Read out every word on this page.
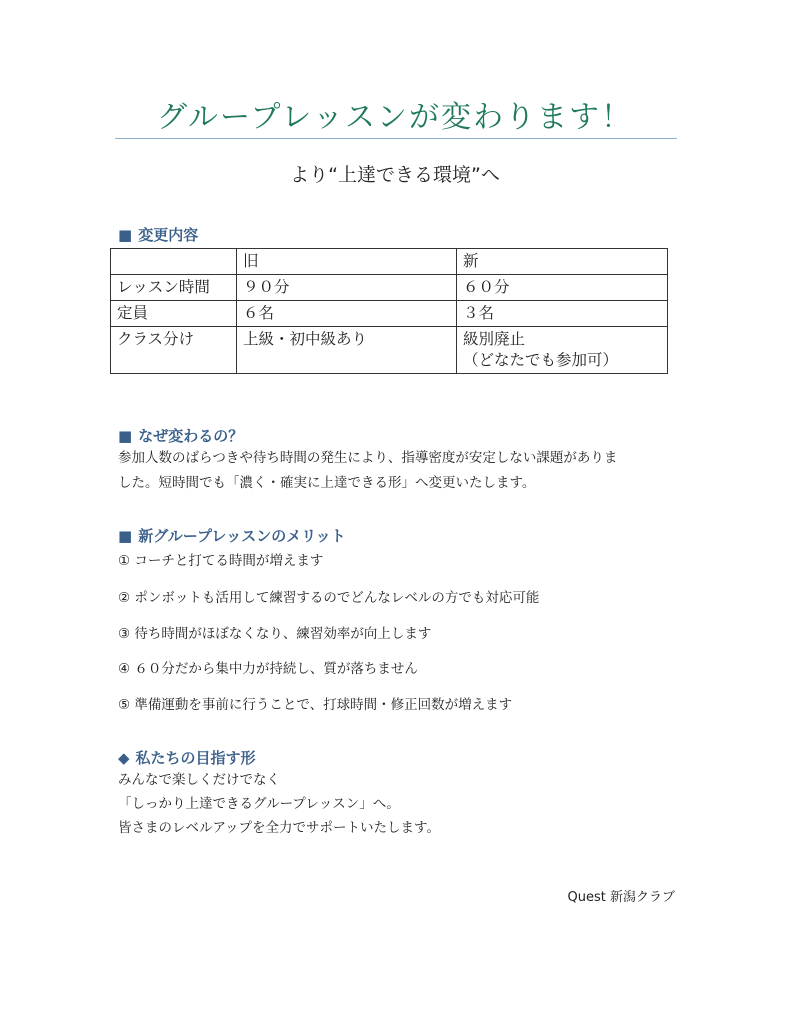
グループレッスンが変わります！
より“上達できる環境”へ
■ 変更内容
	旧	新
レッスン時間	９０分	６０分
定員	６名	３名
クラス分け	上級・初中級あり	級別廃止
（どなたでも参加可）
■ なぜ変わるの？
参加人数のばらつきや待ち時間の発生により、指導密度が安定しない課題がありま
した。短時間でも「濃く・確実に上達できる形」へ変更いたします。
■ 新グループレッスンのメリット
① コーチと打てる時間が増えます
② ポンボットも活用して練習するのでどんなレベルの方でも対応可能
③ 待ち時間がほぼなくなり、練習効率が向上します
④ ６０分だから集中力が持続し、質が落ちません
⑤ 準備運動を事前に行うことで、打球時間・修正回数が増えます
◆ 私たちの目指す形
みんなで楽しくだけでなく
「しっかり上達できるグループレッスン」へ。
皆さまのレベルアップを全力でサポートいたします。
Quest 新潟クラブ
